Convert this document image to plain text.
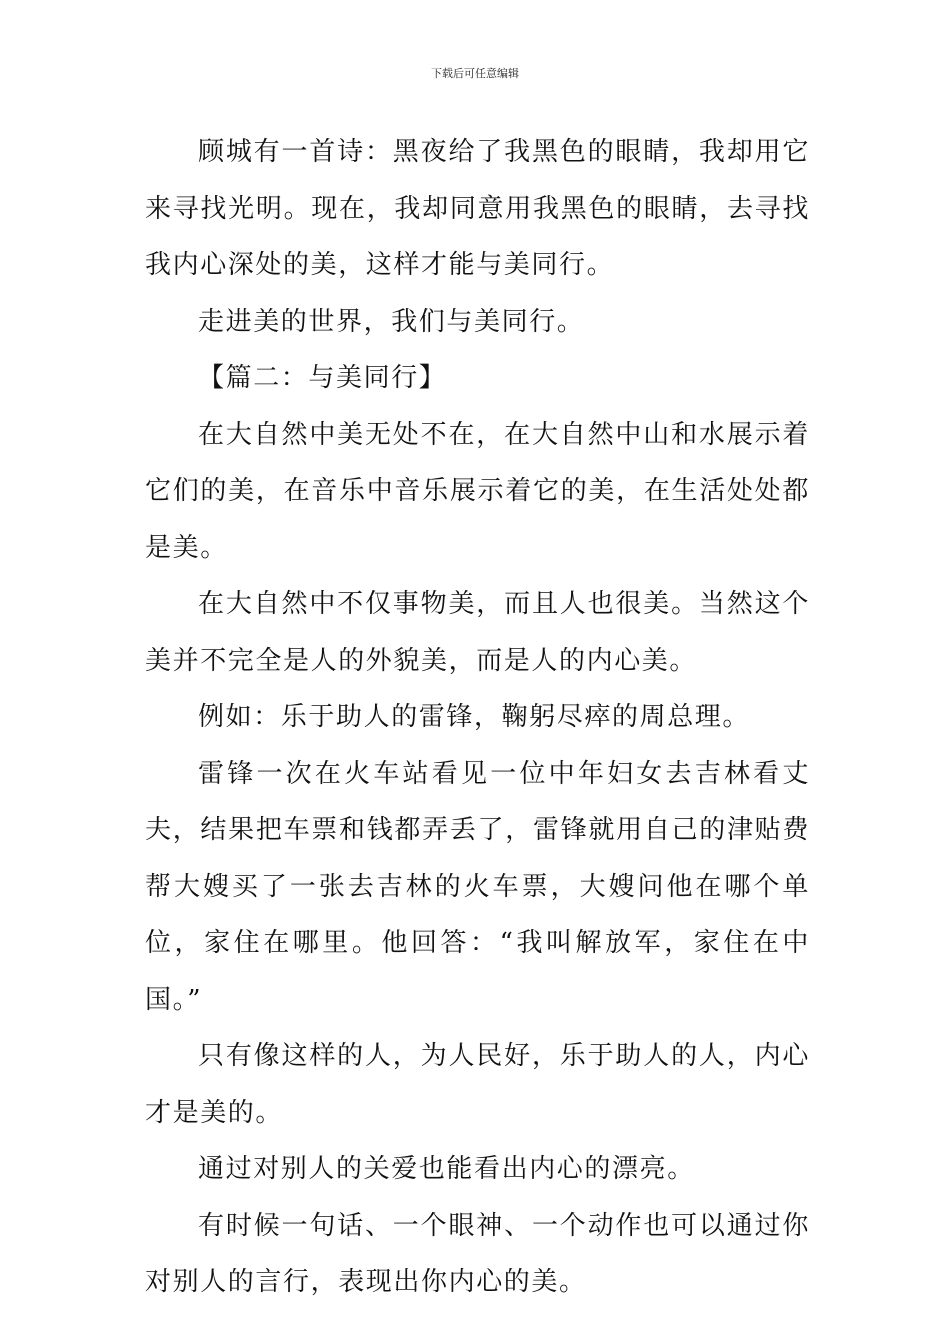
下载后可任意编辑

顾城有一首诗：黑夜给了我黑色的眼睛，我却用它来寻找光明。现在，我却同意用我黑色的眼睛，去寻找我内心深处的美，这样才能与美同行。

走进美的世界，我们与美同行。

【篇二：与美同行】

在大自然中美无处不在，在大自然中山和水展示着它们的美，在音乐中音乐展示着它的美，在生活处处都是美。

在大自然中不仅事物美，而且人也很美。当然这个美并不完全是人的外貌美，而是人的内心美。

例如：乐于助人的雷锋，鞠躬尽瘁的周总理。

雷锋一次在火车站看见一位中年妇女去吉林看丈夫，结果把车票和钱都弄丢了，雷锋就用自己的津贴费帮大嫂买了一张去吉林的火车票，大嫂问他在哪个单位，家住在哪里。他回答：“我叫解放军，家住在中国。”

只有像这样的人，为人民好，乐于助人的人，内心才是美的。

通过对别人的关爱也能看出内心的漂亮。

有时候一句话、一个眼神、一个动作也可以通过你对别人的言行，表现出你内心的美。
